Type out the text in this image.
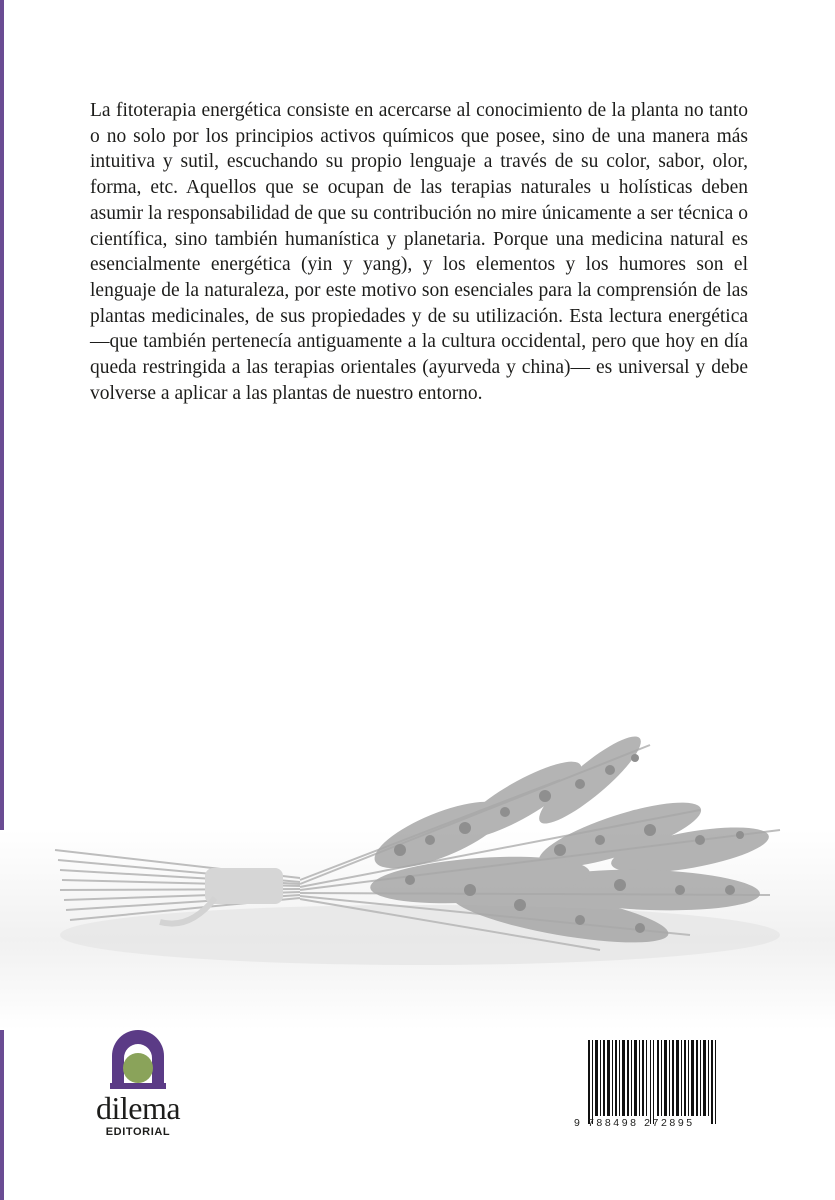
La fitoterapia energética consiste en acercarse al conocimiento de la planta no tanto o no solo por los principios activos químicos que posee, sino de una manera más intuitiva y sutil, escuchando su propio lenguaje a través de su color, sabor, olor, forma, etc. Aquellos que se ocupan de las terapias naturales u holísticas deben asumir la responsabilidad de que su contribución no mire únicamente a ser técnica o científica, sino también humanística y planetaria. Porque una medicina natural es esencialmente energética (yin y yang), y los elementos y los humores son el lenguaje de la naturaleza, por este motivo son esenciales para la comprensión de las plantas medicinales, de sus propiedades y de su utilización. Esta lectura energética —que también pertenecía antiguamente a la cultura occidental, pero que hoy en día queda restringida a las terapias orientales (ayurveda y china)— es universal y debe volverse a aplicar a las plantas de nuestro entorno.

dilema
EDITORIAL
9 788498 272895
